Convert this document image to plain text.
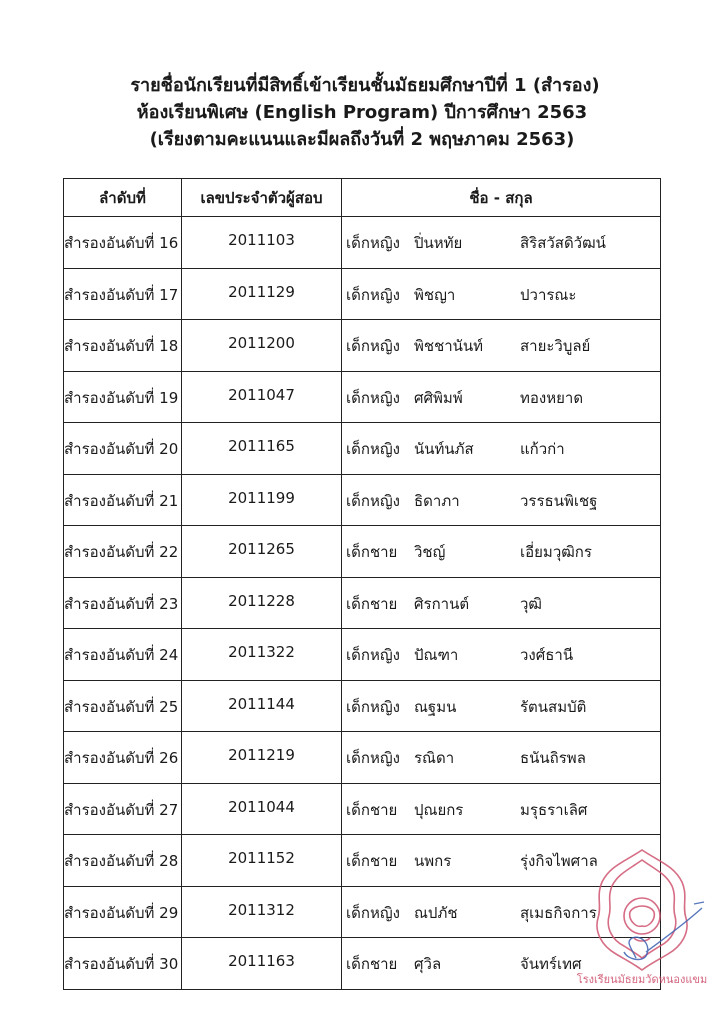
รายชื่อนักเรียนที่มีสิทธิ์เข้าเรียนชั้นมัธยมศึกษาปีที่ 1 (สำรอง)

ห้องเรียนพิเศษ (English Program) ปีการศึกษา 2563

(เรียงตามคะแนนและมีผลถึงวันที่ 2 พฤษภาคม 2563)

ลำดับที่	เลขประจำตัวผู้สอบ	ชื่อ - สกุล
สำรองอันดับที่ 16	2011103	เด็กหญิง ปิ่นหทัย สิริสวัสดิวัฒน์

สำรองอันดับที่ 17	2011129	เด็กหญิง พิชญา ปวารณะ

สำรองอันดับที่ 18	2011200	เด็กหญิง พิชชานันท์ สายะวิบูลย์

สำรองอันดับที่ 19	2011047	เด็กหญิง ศศิพิมพ์ ทองหยาด

สำรองอันดับที่ 20	2011165	เด็กหญิง นันท์นภัส แก้วก่า

สำรองอันดับที่ 21	2011199	เด็กหญิง ธิดาภา วรรธนพิเชฐ

สำรองอันดับที่ 22	2011265	เด็กชาย วิชญ์ เอี่ยมวุฒิกร

สำรองอันดับที่ 23	2011228	เด็กชาย ศิรกานต์ วุฒิ

สำรองอันดับที่ 24	2011322	เด็กหญิง ปัณฑา วงศ์ธานี

สำรองอันดับที่ 25	2011144	เด็กหญิง ณฐมน รัตนสมบัติ

สำรองอันดับที่ 26	2011219	เด็กหญิง รณิดา ธนันถิรพล

สำรองอันดับที่ 27	2011044	เด็กชาย ปุณยกร มรุธราเลิศ

สำรองอันดับที่ 28	2011152	เด็กชาย นพกร รุ่งกิจไพศาล

สำรองอันดับที่ 29	2011312	เด็กหญิง ณปภัช สุเมธกิจการ

สำรองอันดับที่ 30	2011163	เด็กชาย ศุวิล จันทร์เทศ
โรงเรียนมัธยมวัดหนองแขม
